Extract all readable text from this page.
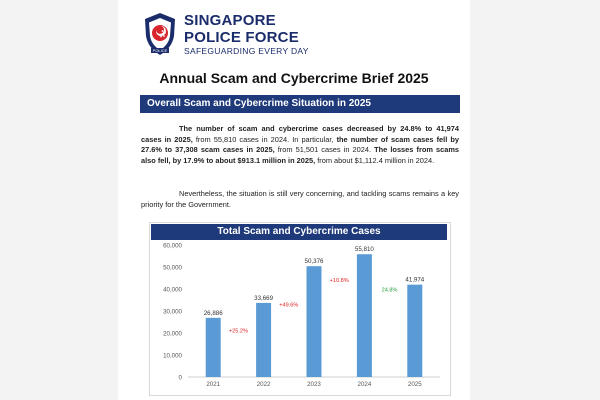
POLICE
SINGAPORE
POLICE FORCE
SAFEGUARDING EVERY DAY
Annual Scam and Cybercrime Brief 2025
Overall Scam and Cybercrime Situation in 2025
The number of scam and cybercrime cases decreased by 24.8% to 41,974 cases in 2025, from 55,810 cases in 2024. In particular, the number of scam cases fell by 27.6% to 37,308 scam cases in 2025, from 51,501 cases in 2024. The losses from scams also fell, by 17.9% to about $913.1 million in 2025, from about $1,112.4 million in 2024.
Nevertheless, the situation is still very concerning, and tackling scams remains a key priority for the Government.
Total Scam and Cybercrime Cases
0
10,000
20,000
30,000
40,000
50,000
60,000
26,886
2021
33,669
2022
+25.2%
50,376
2023
+49.6%
55,810
2024
+10.8%	41,974
2025
24.8%
